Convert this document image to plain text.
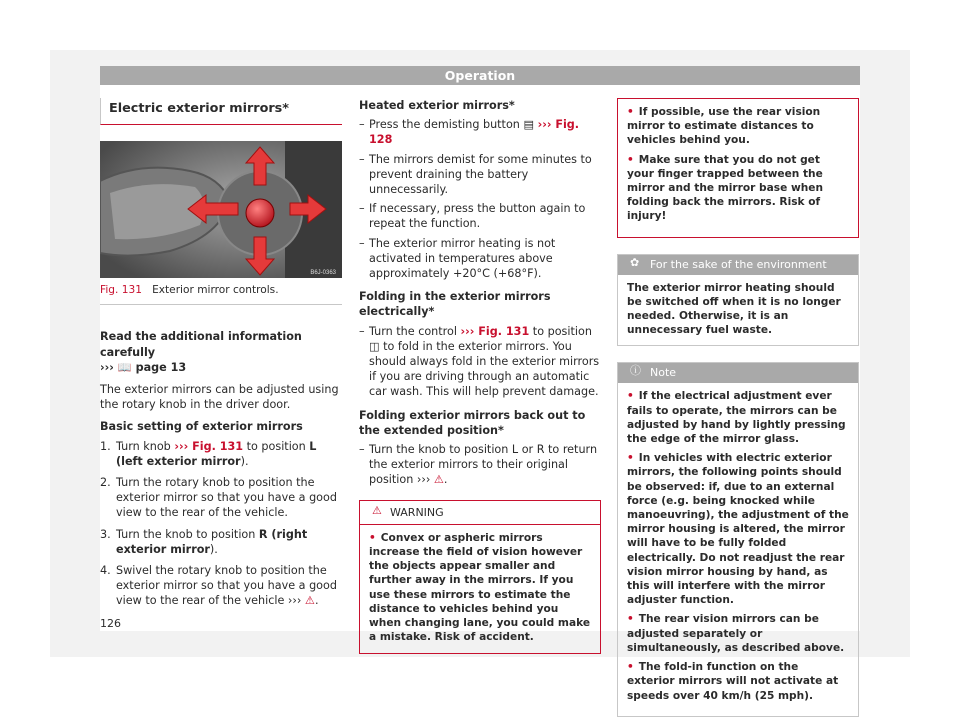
Operation
Electric exterior mirrors*
B6J-0363
Fig. 131 Exterior mirror controls.

Read the additional information carefully
››› 📖 page 13

The exterior mirrors can be adjusted using the rotary knob in the driver door.

Basic setting of exterior mirrors

1. Turn knob ››› Fig. 131 to position L (left exterior mirror).
2. Turn the rotary knob to position the exterior mirror so that you have a good view to the rear of the vehicle.
3. Turn the knob to position R (right exterior mirror).
4. Swivel the rotary knob to position the exterior mirror so that you have a good view to the rear of the vehicle ››› ⚠.

Heated exterior mirrors*

– Press the demisting button ▤ ››› Fig. 128
– The mirrors demist for some minutes to prevent draining the battery unnecessarily.
– If necessary, press the button again to repeat the function.
– The exterior mirror heating is not activated in temperatures above approximately +20°C (+68°F).

Folding in the exterior mirrors electrically*

– Turn the control ››› Fig. 131 to position ◫ to fold in the exterior mirrors. You should always fold in the exterior mirrors if you are driving through an automatic car wash. This will help prevent damage.

Folding exterior mirrors back out to the extended position*

– Turn the knob to position L or R to return the exterior mirrors to their original position ››› ⚠.
⚠ WARNING
• Convex or aspheric mirrors increase the field of vision however the objects appear smaller and further away in the mirrors. If you use these mirrors to estimate the distance to vehicles behind you when changing lane, you could make a mistake. Risk of accident.
• If possible, use the rear vision mirror to estimate distances to vehicles behind you.
• Make sure that you do not get your finger trapped between the mirror and the mirror base when folding back the mirrors. Risk of injury!
✿ For the sake of the environment
The exterior mirror heating should be switched off when it is no longer needed. Otherwise, it is an unnecessary fuel waste.
ⓘ Note
• If the electrical adjustment ever fails to operate, the mirrors can be adjusted by hand by lightly pressing the edge of the mirror glass.
• In vehicles with electric exterior mirrors, the following points should be observed: if, due to an external force (e.g. being knocked while manoeuvring), the adjustment of the mirror housing is altered, the mirror will have to be fully folded electrically. Do not readjust the rear vision mirror housing by hand, as this will interfere with the mirror adjuster function.
• The rear vision mirrors can be adjusted separately or simultaneously, as described above.
• The fold-in function on the exterior mirrors will not activate at speeds over 40 km/h (25 mph).
126
